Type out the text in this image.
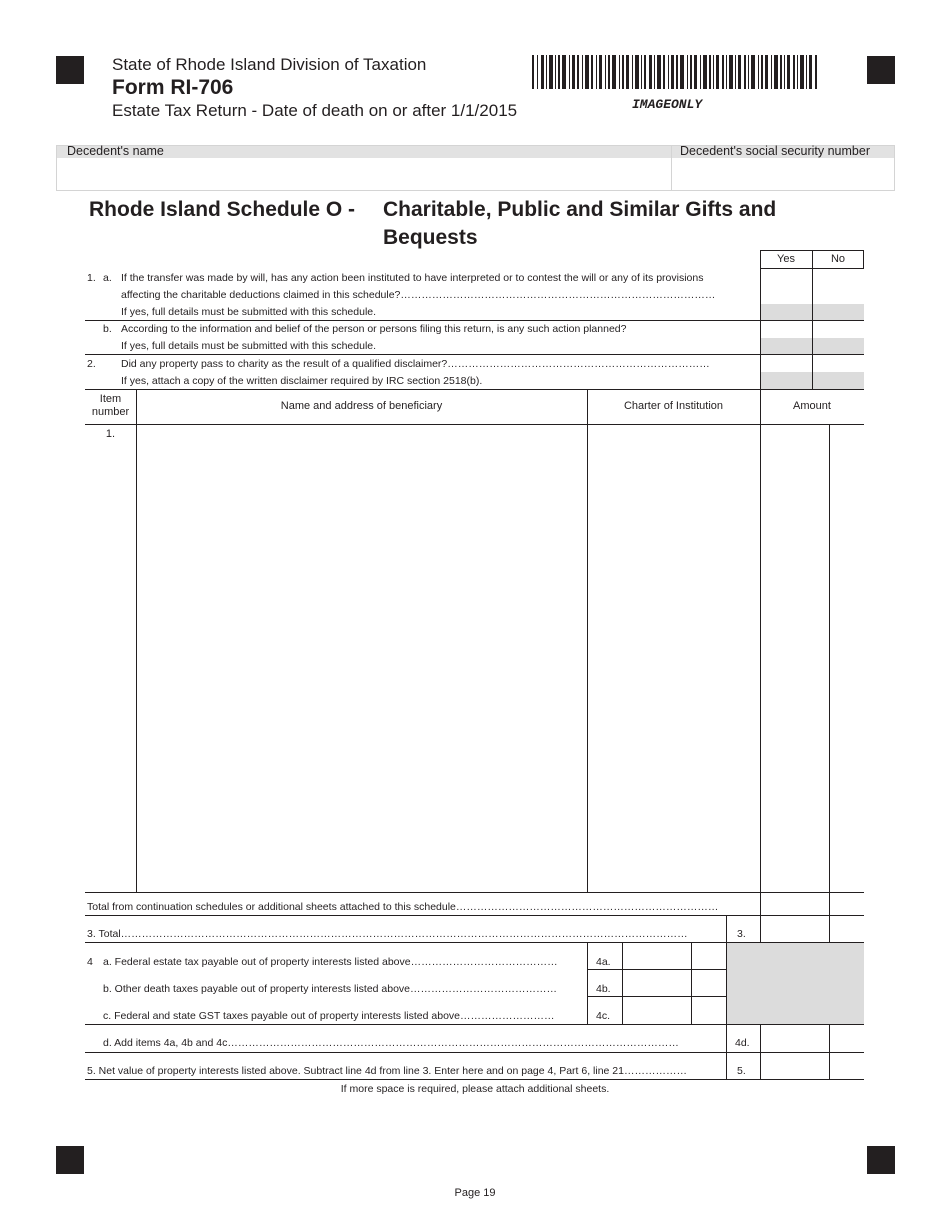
State of Rhode Island Division of Taxation
Form RI-706
Estate Tax Return - Date of death on or after 1/1/2015	IMAGEONLY
Decedent's name	Decedent's social security number
Rhode Island Schedule O - Charitable, Public and Similar Gifts and
Bequests
Yes	No
1. a. If the transfer was made by will, has any action been instituted to have interpreted or to contest the will or any of its provisions
affecting the charitable deductions claimed in this schedule?………………………………………………………………………………
If yes, full details must be submitted with this schedule.
b. According to the information and belief of the person or persons filing this return, is any such action planned?
If yes, full details must be submitted with this schedule.
2. Did any property pass to charity as the result of a qualified disclaimer?…………………………………………………………………
If yes, attach a copy of the written disclaimer required by IRC section 2518(b).
Item
number	Name and address of beneficiary	Charter of Institution	Amount
1.
Total from continuation schedules or additional sheets attached to this schedule…………………………………………………………………
3. Total………………………………………………………………………………………………………………………………………………	3.
4 a. Federal estate tax payable out of property interests listed above……………………………………
b. Other death taxes payable out of property interests listed above……………………………………
c. Federal and state GST taxes payable out of property interests listed above………………………
4a.
4b.
4c.
d. Add items 4a, 4b and 4c…………………………………………………………………………………………………………………	4d.
5. Net value of property interests listed above. Subtract line 4d from line 3. Enter here and on page 4, Part 6, line 21………………	5.
If more space is required, please attach additional sheets.
Page 19
